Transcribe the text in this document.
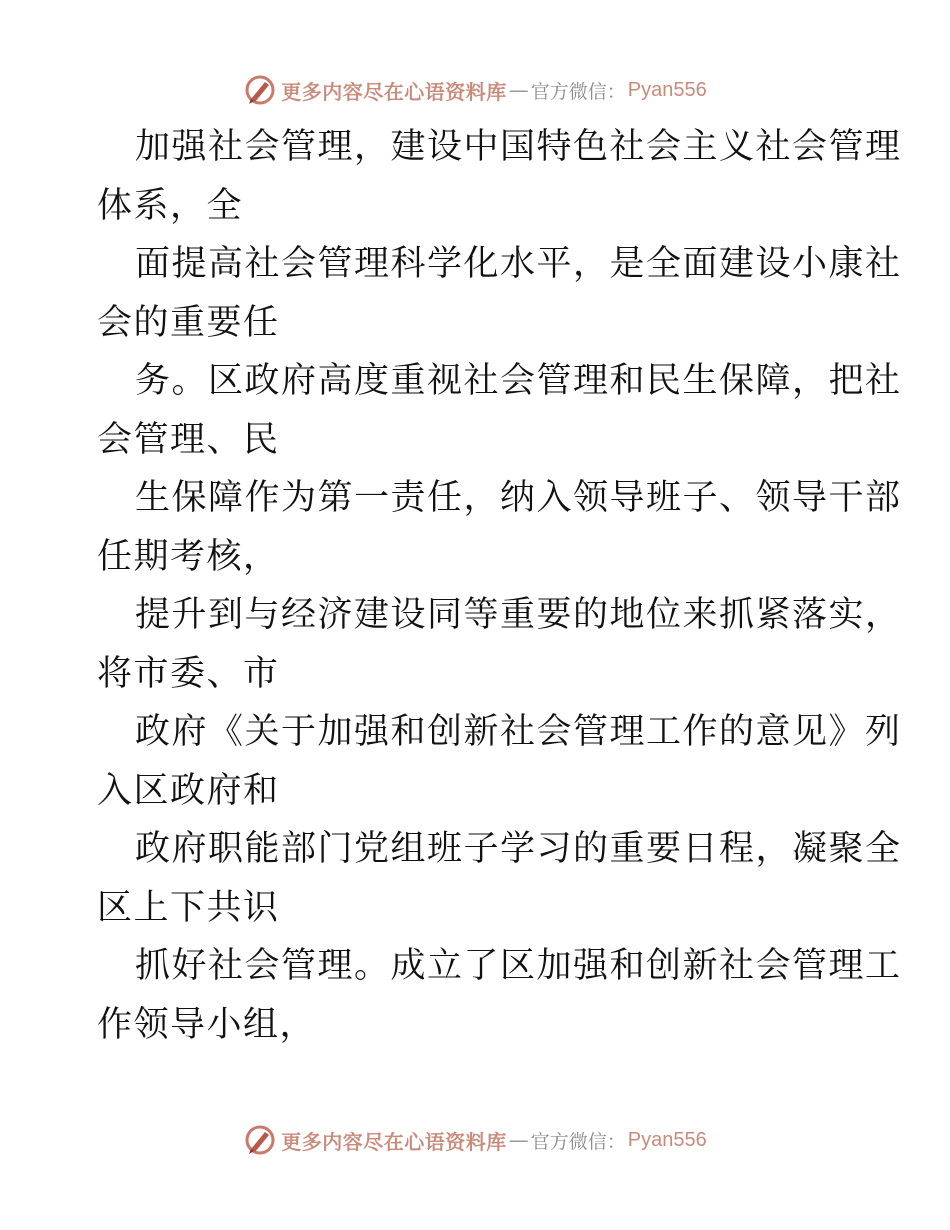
更多内容尽在心语资料库 — 官方微信： Pyan556
加强社会管理，建设中国特色社会主义社会管理
体系，全
面提高社会管理科学化水平，是全面建设小康社
会的重要任
务。区政府高度重视社会管理和民生保障，把社
会管理、民
生保障作为第一责任，纳入领导班子、领导干部
任期考核，
提升到与经济建设同等重要的地位来抓紧落实，
将市委、市
政府《关于加强和创新社会管理工作的意见》列
入区政府和
政府职能部门党组班子学习的重要日程，凝聚全
区上下共识
抓好社会管理。成立了区加强和创新社会管理工
作领导小组，
更多内容尽在心语资料库 — 官方微信： Pyan556
